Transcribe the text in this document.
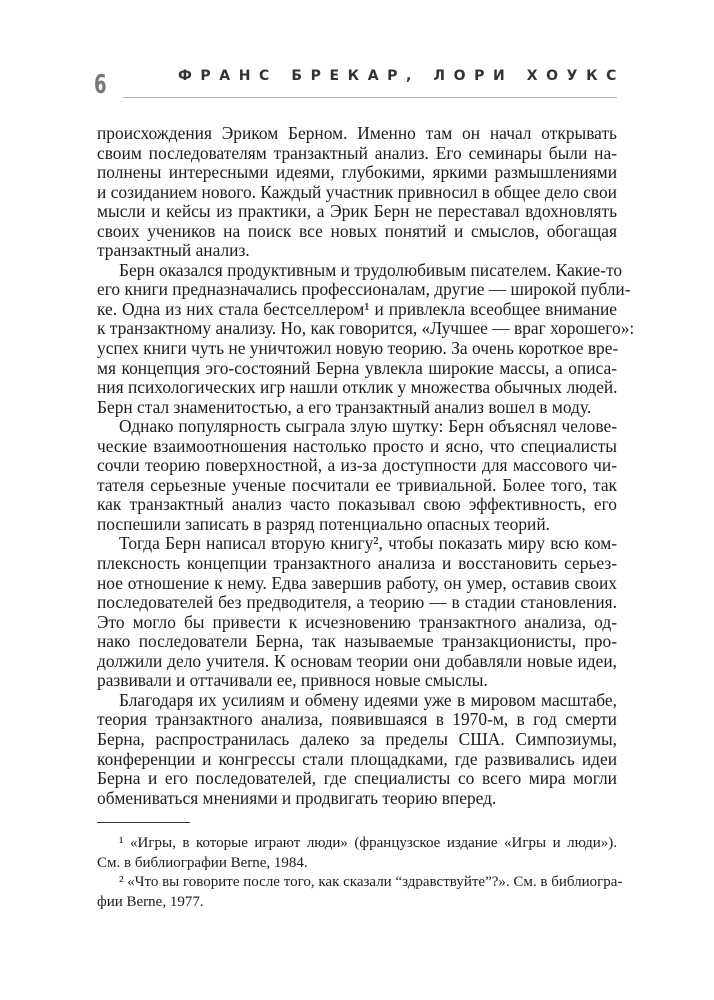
6	ФРАНС БРЕКАР, ЛОРИ ХОУКС
происхождения Эриком Берном. Именно там он начал открывать
своим последователям транзактный анализ. Его семинары были на-
полнены интересными идеями, глубокими, яркими размышлениями
и созиданием нового. Каждый участник привносил в общее дело свои
мысли и кейсы из практики, а Эрик Берн не переставал вдохновлять
своих учеников на поиск все новых понятий и смыслов, обогащая
транзактный анализ.
Берн оказался продуктивным и трудолюбивым писателем. Какие-то
его книги предназначались профессионалам, другие — широкой публи-
ке. Одна из них стала бестселлером¹ и привлекла всеобщее внимание
к транзактному анализу. Но, как говорится, «Лучшее — враг хорошего»:
успех книги чуть не уничтожил новую теорию. За очень короткое вре-
мя концепция эго-состояний Берна увлекла широкие массы, а описа-
ния психологических игр нашли отклик у множества обычных людей.
Берн стал знаменитостью, а его транзактный анализ вошел в моду.
Однако популярность сыграла злую шутку: Берн объяснял челове-
ческие взаимоотношения настолько просто и ясно, что специалисты
сочли теорию поверхностной, а из-за доступности для массового чи-
тателя серьезные ученые посчитали ее тривиальной. Более того, так
как транзактный анализ часто показывал свою эффективность, его
поспешили записать в разряд потенциально опасных теорий.
Тогда Берн написал вторую книгу², чтобы показать миру всю ком-
плексность концепции транзактного анализа и восстановить серьез-
ное отношение к нему. Едва завершив работу, он умер, оставив своих
последователей без предводителя, а теорию — в стадии становления.
Это могло бы привести к исчезновению транзактного анализа, од-
нако последователи Берна, так называемые транзакционисты, про-
должили дело учителя. К основам теории они добавляли новые идеи,
развивали и оттачивали ее, привнося новые смыслы.
Благодаря их усилиям и обмену идеями уже в мировом масштабе,
теория транзактного анализа, появившаяся в 1970-м, в год смерти
Берна, распространилась далеко за пределы США. Симпозиумы,
конференции и конгрессы стали площадками, где развивались идеи
Берна и его последователей, где специалисты со всего мира могли
обмениваться мнениями и продвигать теорию вперед.
¹ «Игры, в которые играют люди» (французское издание «Игры и люди»).
См. в библиографии Berne, 1984.
² «Что вы говорите после того, как сказали “здравствуйте”?». См. в библиогра-
фии Berne, 1977.
